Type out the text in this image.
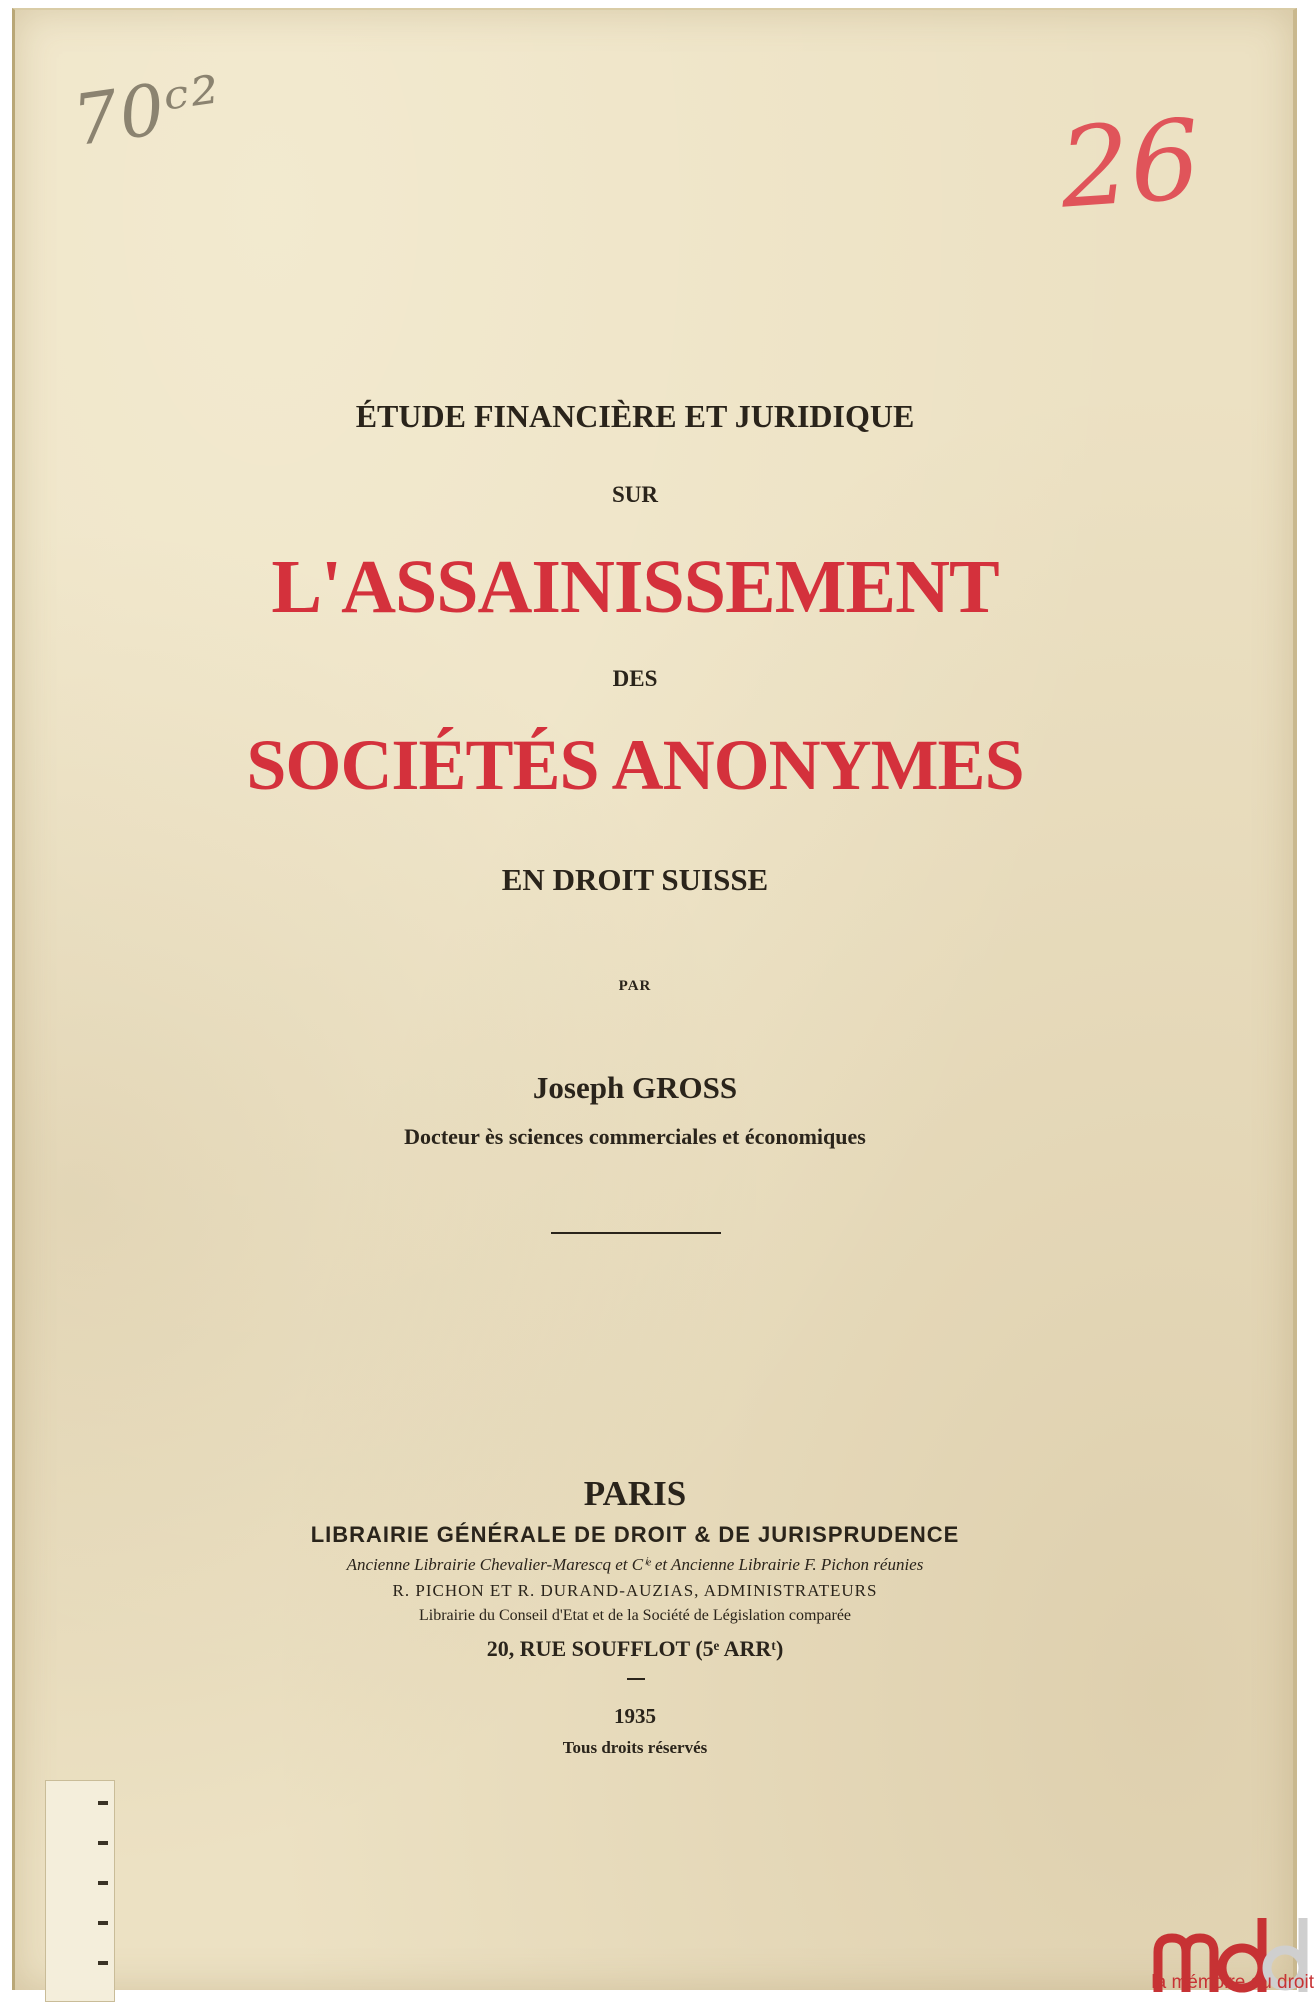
70ᶜ²	26
ÉTUDE FINANCIÈRE ET JURIDIQUE
SUR
L'ASSAINISSEMENT
DES
SOCIÉTÉS ANONYMES
EN DROIT SUISSE
PAR
Joseph GROSS
Docteur ès sciences commerciales et économiques
PARIS
LIBRAIRIE GÉNÉRALE DE DROIT & DE JURISPRUDENCE
Ancienne Librairie Chevalier-Marescq et Cⁱᵉ et Ancienne Librairie F. Pichon réunies
R. PICHON ET R. DURAND-AUZIAS, ADMINISTRATEURS
Librairie du Conseil d'Etat et de la Société de Législation comparée
20, RUE SOUFFLOT (5ᵉ ARRᵗ)
1935
Tous droits réservés
la mémoire du droit
